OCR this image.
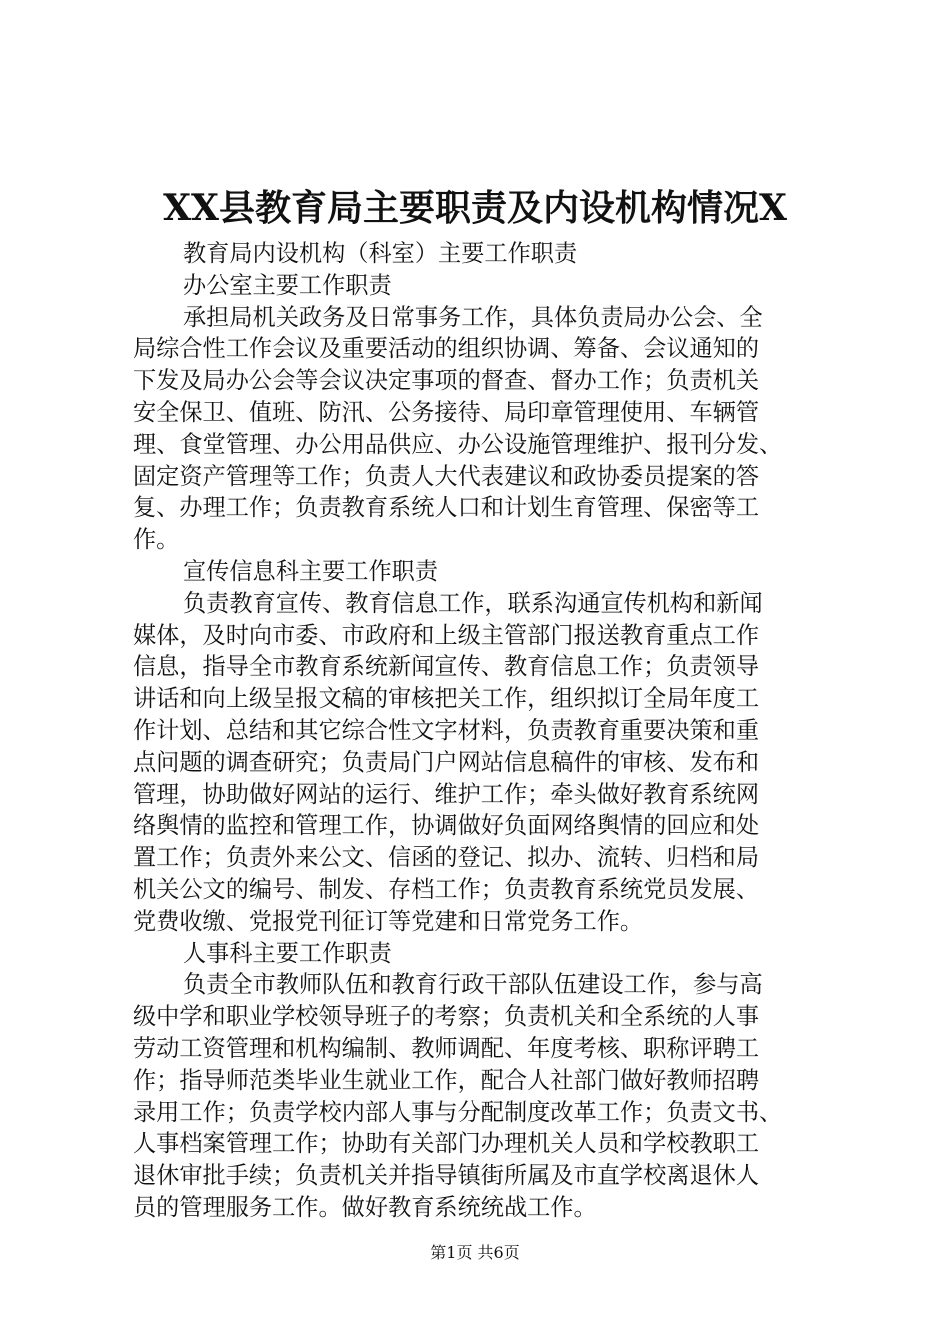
XX县教育局主要职责及内设机构情况X

教育局内设机构（科室）主要工作职责

办公室主要工作职责

承担局机关政务及日常事务工作，具体负责局办公会、全

局综合性工作会议及重要活动的组织协调、筹备、会议通知的

下发及局办公会等会议决定事项的督查、督办工作；负责机关

安全保卫、值班、防汛、公务接待、局印章管理使用、车辆管

理、食堂管理、办公用品供应、办公设施管理维护、报刊分发、

固定资产管理等工作；负责人大代表建议和政协委员提案的答

复、办理工作；负责教育系统人口和计划生育管理、保密等工

作。

宣传信息科主要工作职责

负责教育宣传、教育信息工作，联系沟通宣传机构和新闻

媒体，及时向市委、市政府和上级主管部门报送教育重点工作

信息，指导全市教育系统新闻宣传、教育信息工作；负责领导

讲话和向上级呈报文稿的审核把关工作，组织拟订全局年度工

作计划、总结和其它综合性文字材料，负责教育重要决策和重

点问题的调查研究；负责局门户网站信息稿件的审核、发布和

管理，协助做好网站的运行、维护工作；牵头做好教育系统网

络舆情的监控和管理工作，协调做好负面网络舆情的回应和处

置工作；负责外来公文、信函的登记、拟办、流转、归档和局

机关公文的编号、制发、存档工作；负责教育系统党员发展、

党费收缴、党报党刊征订等党建和日常党务工作。

人事科主要工作职责

负责全市教师队伍和教育行政干部队伍建设工作，参与高

级中学和职业学校领导班子的考察；负责机关和全系统的人事

劳动工资管理和机构编制、教师调配、年度考核、职称评聘工

作；指导师范类毕业生就业工作，配合人社部门做好教师招聘

录用工作；负责学校内部人事与分配制度改革工作；负责文书、

人事档案管理工作；协助有关部门办理机关人员和学校教职工

退休审批手续；负责机关并指导镇街所属及市直学校离退休人

员的管理服务工作。做好教育系统统战工作。

第1页 共6页
